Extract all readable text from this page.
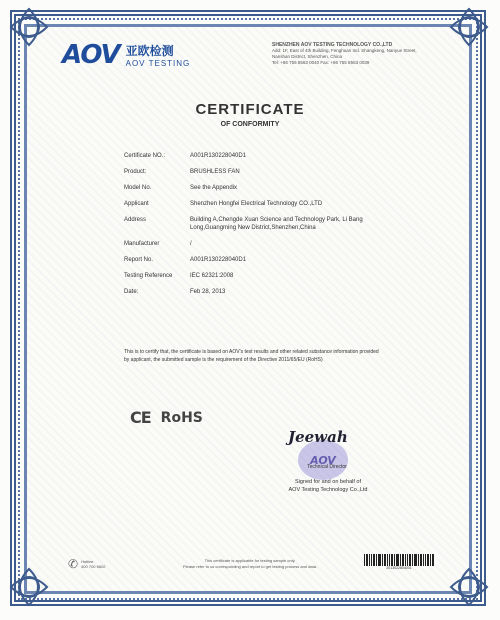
AOV 亚欧检测
AOV TESTING
SHENZHEN AOV TESTING TECHNOLOGY CO.,LTD
Add: 1F, East of 4th Building, Fenghuan Ind. Shangkeng, Nanyue Street,
Nanshan District, Shenzhen, China
Tel: +86 755 8563 0040 Fax: +86 755 8563 0039
CERTIFICATE
OF CONFORMITY
Certificate NO.:	A001R130228040D1
Product:	BRUSHLESS FAN
Model No.	See the Appendix
Applicant	Shenzhen Hongfei Electrical Technology CO.,LTD
Address	Building A,Chengde Xuan Science and Technology Park, Li Bang Long,Guangming New District,Shenzhen,China
Manufacturer	/
Report No.	A001R130228040D1
Testing Reference	IEC 62321:2008
Date:	Feb 28, 2013
This is to certify that, the certificate is based on AOV's test results and other related substance information provided by applicant, the submitted sample is the requirement of the Directive 2011/65/EU (RoHS)
CE RoHS
AOV
Jeewah
Technical Director
Signed for and on behalf of
AOV Testing Technology Co.,Ltd
✆ Hotline
400 700 6602
This certificate is applicable for testing sample only.
Please refer to us corresponding and report to get testing process and data.	2013022804001
